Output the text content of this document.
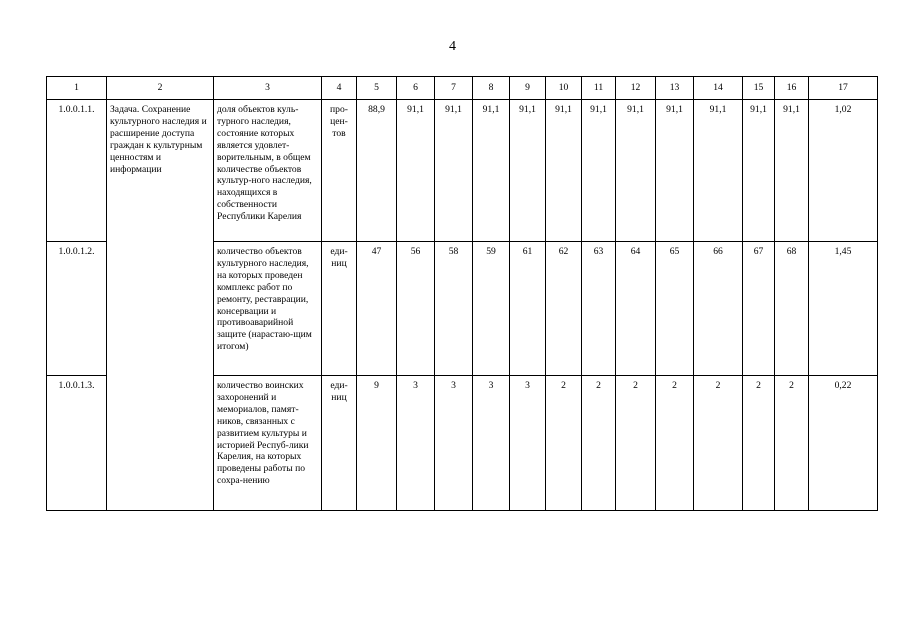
4
1	2	3	4	5	6	7	8	9	10	11	12	13	14	15	16	17
1.0.0.1.1.	Задача. Сохранение культурного наследия и расширение доступа граждан к культурным ценностям и информации	доля объектов куль-турного наследия, состояние которых является удовлет-ворительным, в общем количестве объектов культур-ного наследия, находящихся в собственности Республики Карелия	про-цен-тов	88,9	91,1	91,1	91,1	91,1	91,1	91,1	91,1	91,1	91,1	91,1	91,1	1,02
1.0.0.1.2.		количество объектов культурного наследия, на которых проведен комплекс работ по ремонту, реставрации, консервации и противоаварийной защите (нарастаю-щим итогом)	еди-ниц	47	56	58	59	61	62	63	64	65	66	67	68	1,45
1.0.0.1.3.		количество воинских захоронений и мемориалов, памят-ников, связанных с развитием культуры и историей Респуб-лики Карелия, на которых проведены работы по сохра-нению	еди-ниц	9	3	3	3	3	2	2	2	2	2	2	2	0,22
